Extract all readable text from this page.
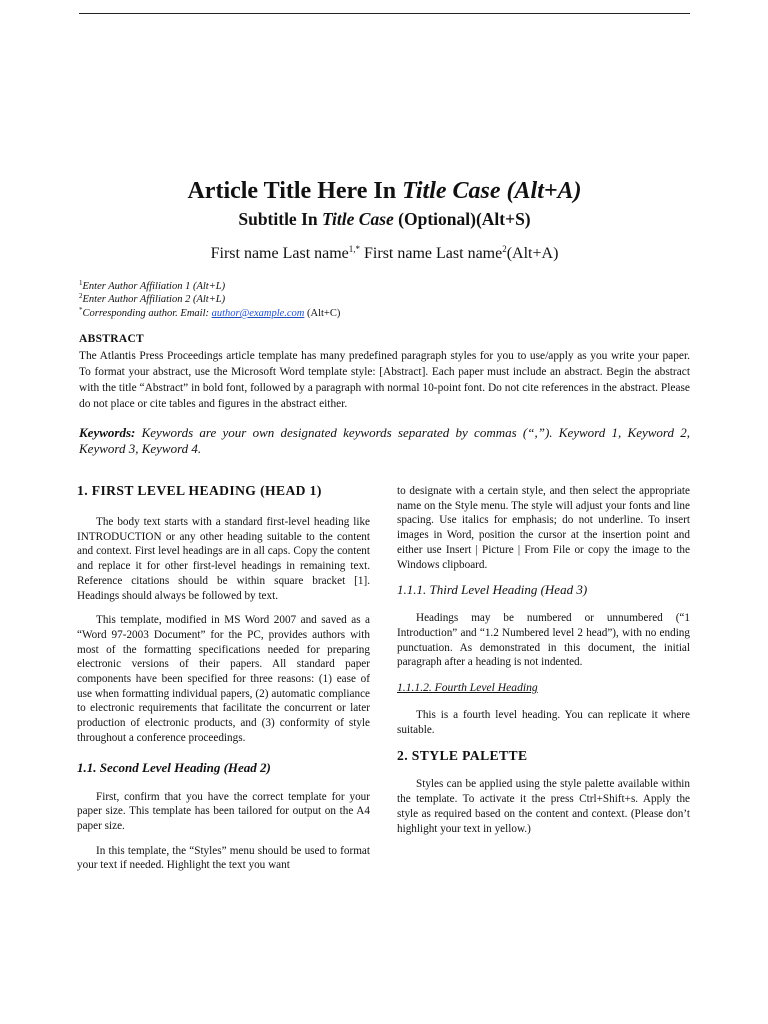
Article Title Here In Title Case (Alt+A)
Subtitle In Title Case (Optional)(Alt+S)
First name Last name$^{1,*}$ First name Last name$^2$(Alt+A)
$^1$Enter Author Affiliation 1 (Alt+L)
$^2$Enter Author Affiliation 2 (Alt+L)
*Corresponding author. Email: author@example.com (Alt+C)
ABSTRACT
The Atlantis Press Proceedings article template has many predefined paragraph styles for you to use/apply as you write your paper. To format your abstract, use the Microsoft Word template style: [Abstract]. Each paper must include an abstract. Begin the abstract with the title “Abstract” in bold font, followed by a paragraph with normal 10-point font. Do not cite references in the abstract. Please do not place or cite tables and figures in the abstract either.
Keywords: Keywords are your own designated keywords separated by commas (“,”). Keyword 1, Keyword 2, Keyword 3, Keyword 4.
1. FIRST LEVEL HEADING (HEAD 1)

The body text starts with a standard first-level heading like INTRODUCTION or any other heading suitable to the content and context. First level headings are in all caps. Copy the content and replace it for other first-level headings in remaining text. Reference citations should be within square bracket [1]. Headings should always be followed by text.

This template, modified in MS Word 2007 and saved as a “Word 97-2003 Document” for the PC, provides authors with most of the formatting specifications needed for preparing electronic versions of their papers. All standard paper components have been specified for three reasons: (1) ease of use when formatting individual papers, (2) automatic compliance to electronic requirements that facilitate the concurrent or later production of electronic products, and (3) conformity of style throughout a conference proceedings.

1.1. Second Level Heading (Head 2)

First, confirm that you have the correct template for your paper size. This template has been tailored for output on the A4 paper size.

In this template, the “Styles” menu should be used to format your text if needed. Highlight the text you want

to designate with a certain style, and then select the appropriate name on the Style menu. The style will adjust your fonts and line spacing. Use italics for emphasis; do not underline. To insert images in Word, position the cursor at the insertion point and either use Insert | Picture | From File or copy the image to the Windows clipboard.

1.1.1. Third Level Heading (Head 3)

Headings may be numbered or unnumbered (“1 Introduction” and “1.2 Numbered level 2 head”), with no ending punctuation. As demonstrated in this document, the initial paragraph after a heading is not indented.

1.1.1.2. Fourth Level Heading

This is a fourth level heading. You can replicate it where suitable.

2. STYLE PALETTE

Styles can be applied using the style palette available within the template. To activate it the press Ctrl+Shift+s. Apply the style as required based on the content and context. (Please don’t highlight your text in yellow.)
